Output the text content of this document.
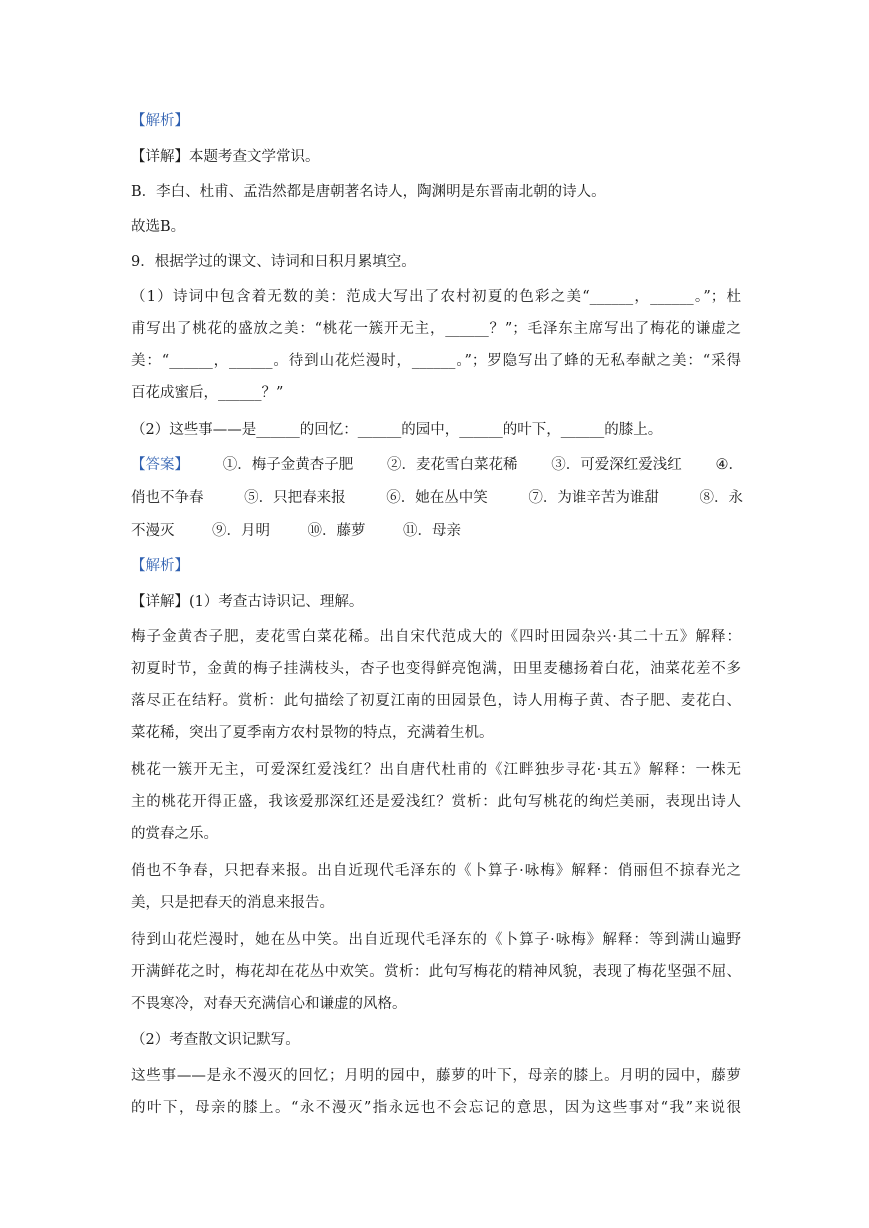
【解析】
【详解】本题考查文学常识。
B．李白、杜甫、孟浩然都是唐朝著名诗人，陶渊明是东晋南北朝的诗人。
故选B。
9．根据学过的课文、诗词和日积月累填空。
（1）诗词中包含着无数的美：范成大写出了农村初夏的色彩之美“______，______。”；杜
甫写出了桃花的盛放之美：“桃花一簇开无主，______？”；毛泽东主席写出了梅花的谦虚之
美：“______，______。待到山花烂漫时，______。”；罗隐写出了蜂的无私奉献之美：“采得
百花成蜜后，______？”
（2）这些事——是______的回忆：______的园中，______的叶下，______的膝上。
【答案】 ①．梅子金黄杏子肥 ②．麦花雪白菜花稀 ③．可爱深红爱浅红 ④．
俏也不争春	⑤．只把春来报	⑥．她在丛中笑	⑦．为谁辛苦为谁甜	⑧．永
不漫灭	⑨．月明	⑩．藤萝	⑪．母亲
【解析】
【详解】(1）考查古诗识记、理解。
梅子金黄杏子肥，麦花雪白菜花稀。出自宋代范成大的《四时田园杂兴·其二十五》解释：
初夏时节，金黄的梅子挂满枝头，杏子也变得鲜亮饱满，田里麦穗扬着白花，油菜花差不多
落尽正在结籽。赏析：此句描绘了初夏江南的田园景色，诗人用梅子黄、杏子肥、麦花白、
菜花稀，突出了夏季南方农村景物的特点，充满着生机。
桃花一簇开无主，可爱深红爱浅红？出自唐代杜甫的《江畔独步寻花·其五》解释：一株无
主的桃花开得正盛，我该爱那深红还是爱浅红？赏析：此句写桃花的绚烂美丽，表现出诗人
的赏春之乐。
俏也不争春，只把春来报。出自近现代毛泽东的《卜算子·咏梅》解释：俏丽但不掠春光之
美，只是把春天的消息来报告。
待到山花烂漫时，她在丛中笑。出自近现代毛泽东的《卜算子·咏梅》解释：等到满山遍野
开满鲜花之时，梅花却在花丛中欢笑。赏析：此句写梅花的精神风貌，表现了梅花坚强不屈、
不畏寒冷，对春天充满信心和谦虚的风格。
（2）考查散文识记默写。
这些事——是永不漫灭的回忆；月明的园中，藤萝的叶下，母亲的膝上。月明的园中，藤萝
的叶下，母亲的膝上。“永不漫灭”指永远也不会忘记的意思，因为这些事对“我”来说很
